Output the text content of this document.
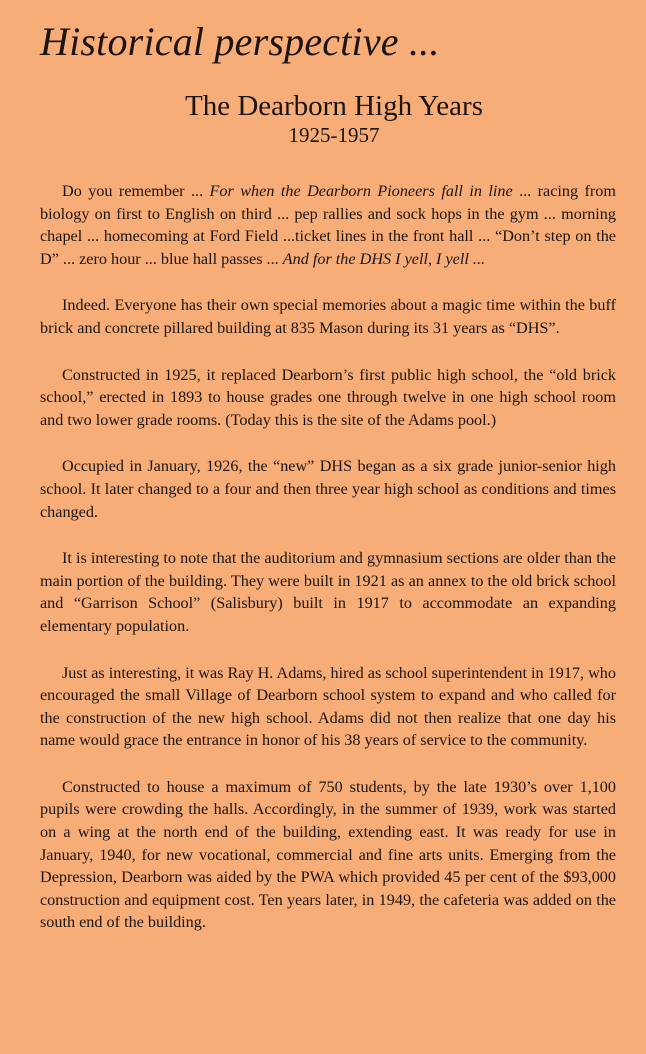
Historical perspective ...
The Dearborn High Years
1925-1957

Do you remember ... For when the Dearborn Pioneers fall in line ... racing from biology on first to English on third ... pep rallies and sock hops in the gym ... morning chapel ... homecoming at Ford Field ...ticket lines in the front hall ... “Don’t step on the D” ... zero hour ... blue hall passes ... And for the DHS I yell, I yell ...

Indeed. Everyone has their own special memories about a magic time within the buff brick and concrete pillared building at 835 Mason during its 31 years as “DHS”.

Constructed in 1925, it replaced Dearborn’s first public high school, the “old brick school,” erected in 1893 to house grades one through twelve in one high school room and two lower grade rooms. (Today this is the site of the Adams pool.)

Occupied in January, 1926, the “new” DHS began as a six grade junior-senior high school. It later changed to a four and then three year high school as conditions and times changed.

It is interesting to note that the auditorium and gymnasium sections are older than the main portion of the building. They were built in 1921 as an annex to the old brick school and “Garrison School” (Salisbury) built in 1917 to accommodate an expanding elementary population.

Just as interesting, it was Ray H. Adams, hired as school superintendent in 1917, who encouraged the small Village of Dearborn school system to expand and who called for the construction of the new high school. Adams did not then realize that one day his name would grace the entrance in honor of his 38 years of service to the community.

Constructed to house a maximum of 750 students, by the late 1930’s over 1,100 pupils were crowding the halls. Accordingly, in the summer of 1939, work was started on a wing at the north end of the building, extending east. It was ready for use in January, 1940, for new vocational, commercial and fine arts units. Emerging from the Depression, Dearborn was aided by the PWA which provided 45 per cent of the $93,000 construction and equipment cost. Ten years later, in 1949, the cafeteria was added on the south end of the building.
